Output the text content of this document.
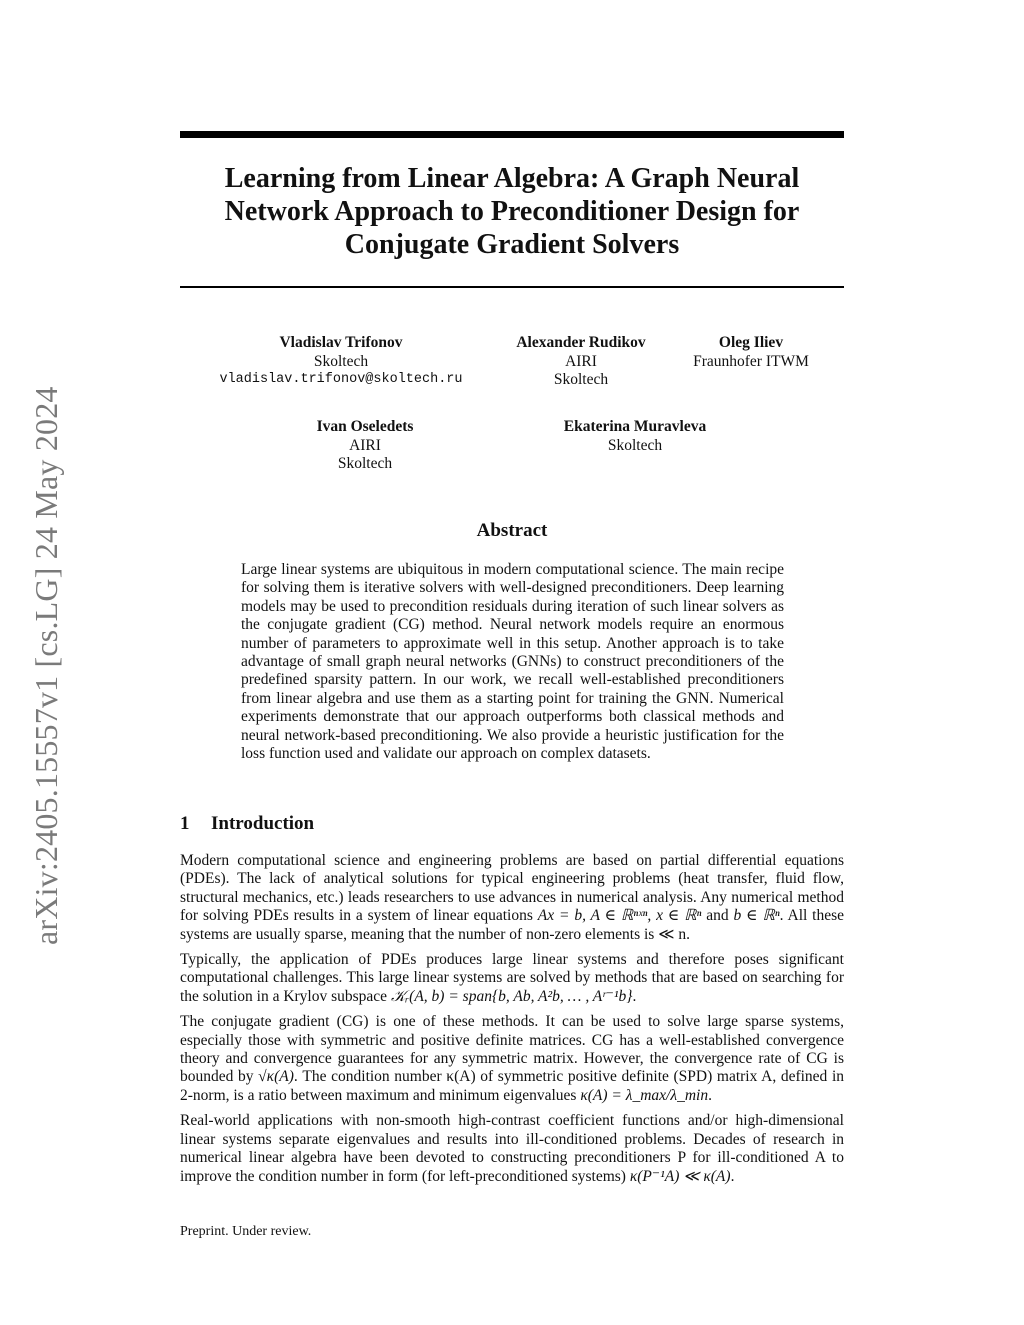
arXiv:2405.15557v1 [cs.LG] 24 May 2024
Learning from Linear Algebra: A Graph Neural Network Approach to Preconditioner Design for Conjugate Gradient Solvers
Vladislav Trifonov
Skoltech
vladislav.trifonov@skoltech.ru
Alexander Rudikov
AIRI
Skoltech
Oleg Iliev
Fraunhofer ITWM
Ivan Oseledets
AIRI
Skoltech
Ekaterina Muravleva
Skoltech
Abstract
Large linear systems are ubiquitous in modern computational science. The main recipe for solving them is iterative solvers with well-designed preconditioners. Deep learning models may be used to precondition residuals during iteration of such linear solvers as the conjugate gradient (CG) method. Neural network models require an enormous number of parameters to approximate well in this setup. Another approach is to take advantage of small graph neural networks (GNNs) to construct preconditioners of the predefined sparsity pattern. In our work, we recall well-established preconditioners from linear algebra and use them as a starting point for training the GNN. Numerical experiments demonstrate that our approach outperforms both classical methods and neural network-based preconditioning. We also provide a heuristic justification for the loss function used and validate our approach on complex datasets.
1 Introduction

Modern computational science and engineering problems are based on partial differential equations (PDEs). The lack of analytical solutions for typical engineering problems (heat transfer, fluid flow, structural mechanics, etc.) leads researchers to use advances in numerical analysis. Any numerical method for solving PDEs results in a system of linear equations Ax = b, A ∈ ℝⁿˣⁿ, x ∈ ℝⁿ and b ∈ ℝⁿ. All these systems are usually sparse, meaning that the number of non-zero elements is ≪ n.

Typically, the application of PDEs produces large linear systems and therefore poses significant computational challenges. This large linear systems are solved by methods that are based on searching for the solution in a Krylov subspace 𝒦ᵣ(A, b) = span{b, Ab, A²b, … , Aʳ⁻¹b}.

The conjugate gradient (CG) is one of these methods. It can be used to solve large sparse systems, especially those with symmetric and positive definite matrices. CG has a well-established convergence theory and convergence guarantees for any symmetric matrix. However, the convergence rate of CG is bounded by √κ(A). The condition number κ(A) of symmetric positive definite (SPD) matrix A, defined in 2-norm, is a ratio between maximum and minimum eigenvalues κ(A) = λ_max/λ_min.

Real-world applications with non-smooth high-contrast coefficient functions and/or high-dimensional linear systems separate eigenvalues and results into ill-conditioned problems. Decades of research in numerical linear algebra have been devoted to constructing preconditioners P for ill-conditioned A to improve the condition number in form (for left-preconditioned systems) κ(P⁻¹A) ≪ κ(A).

Preprint. Under review.
